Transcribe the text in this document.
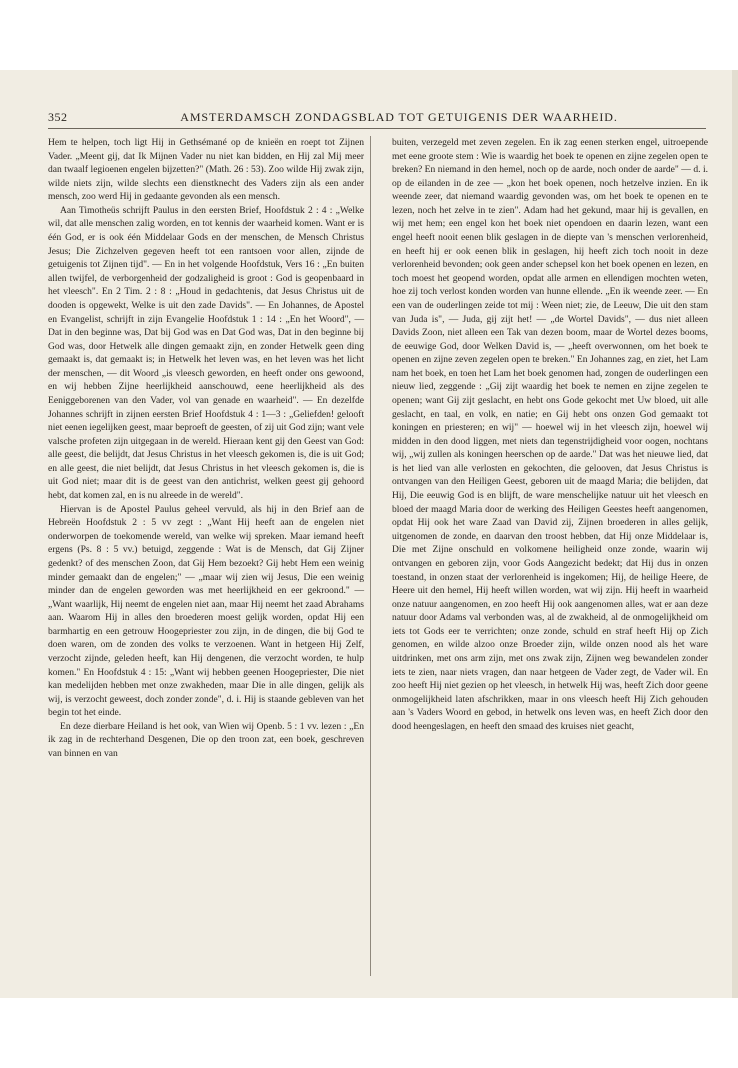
352	AMSTERDAMSCH ZONDAGSBLAD TOT GETUIGENIS DER WAARHEID.

Hem te helpen, toch ligt Hij in Gethsémané op de knieën en roept tot Zijnen Vader. „Meent gij, dat Ik Mijnen Vader nu niet kan bidden, en Hij zal Mij meer dan twaalf legioenen engelen bijzetten?" (Math. 26 : 53). Zoo wilde Hij zwak zijn, wilde niets zijn, wilde slechts een dienstknecht des Vaders zijn als een ander mensch, zoo werd Hij in gedaante gevonden als een mensch.

Aan Timotheüs schrijft Paulus in den eersten Brief, Hoofdstuk 2 : 4 : „Welke wil, dat alle menschen zalig worden, en tot kennis der waarheid komen. Want er is één God, er is ook één Middelaar Gods en der menschen, de Mensch Christus Jesus; Die Zichzelven gegeven heeft tot een rantsoen voor allen, zijnde de getuigenis tot Zijnen tijd". — En in het volgende Hoofdstuk, Vers 16 : „En buiten allen twijfel, de verborgenheid der godzaligheid is groot : God is geopenbaard in het vleesch". En 2 Tim. 2 : 8 : „Houd in gedachtenis, dat Jesus Christus uit de dooden is opgewekt, Welke is uit den zade Davids". — En Johannes, de Apostel en Evangelist, schrijft in zijn Evangelie Hoofdstuk 1 : 14 : „En het Woord", — Dat in den beginne was, Dat bij God was en Dat God was, Dat in den beginne bij God was, door Hetwelk alle dingen gemaakt zijn, en zonder Hetwelk geen ding gemaakt is, dat gemaakt is; in Hetwelk het leven was, en het leven was het licht der menschen, — dit Woord „is vleesch geworden, en heeft onder ons gewoond, en wij hebben Zijne heerlijkheid aanschouwd, eene heerlijkheid als des Eeniggeborenen van den Vader, vol van genade en waarheid". — En dezelfde Johannes schrijft in zijnen eersten Brief Hoofdstuk 4 : 1—3 : „Geliefden! gelooft niet eenen iegelijken geest, maar beproeft de geesten, of zij uit God zijn; want vele valsche profeten zijn uitgegaan in de wereld. Hieraan kent gij den Geest van God: alle geest, die belijdt, dat Jesus Christus in het vleesch gekomen is, die is uit God; en alle geest, die niet belijdt, dat Jesus Christus in het vleesch gekomen is, die is uit God niet; maar dit is de geest van den antichrist, welken geest gij gehoord hebt, dat komen zal, en is nu alreede in de wereld".

Hiervan is de Apostel Paulus geheel vervuld, als hij in den Brief aan de Hebreën Hoofdstuk 2 : 5 vv zegt : „Want Hij heeft aan de engelen niet onderworpen de toekomende wereld, van welke wij spreken. Maar iemand heeft ergens (Ps. 8 : 5 vv.) betuigd, zeggende : Wat is de Mensch, dat Gij Zijner gedenkt? of des menschen Zoon, dat Gij Hem bezoekt? Gij hebt Hem een weinig minder gemaakt dan de engelen;" — „maar wij zien wij Jesus, Die een weinig minder dan de engelen geworden was met heerlijkheid en eer gekroond." — „Want waarlijk, Hij neemt de engelen niet aan, maar Hij neemt het zaad Abrahams aan. Waarom Hij in alles den broederen moest gelijk worden, opdat Hij een barmhartig en een getrouw Hoogepriester zou zijn, in de dingen, die bij God te doen waren, om de zonden des volks te verzoenen. Want in hetgeen Hij Zelf, verzocht zijnde, geleden heeft, kan Hij dengenen, die verzocht worden, te hulp komen." En Hoofdstuk 4 : 15: „Want wij hebben geenen Hoogepriester, Die niet kan medelijden hebben met onze zwakheden, maar Die in alle dingen, gelijk als wij, is verzocht geweest, doch zonder zonde", d. i. Hij is staande gebleven van het begin tot het einde.

En deze dierbare Heiland is het ook, van Wien wij Openb. 5 : 1 vv. lezen : „En ik zag in de rechterhand Desgenen, Die op den troon zat, een boek, geschreven van binnen en van

buiten, verzegeld met zeven zegelen. En ik zag eenen sterken engel, uitroepende met eene groote stem : Wie is waardig het boek te openen en zijne zegelen open te breken? En niemand in den hemel, noch op de aarde, noch onder de aarde" — d. i. op de eilanden in de zee — „kon het boek openen, noch hetzelve inzien. En ik weende zeer, dat niemand waardig gevonden was, om het boek te openen en te lezen, noch het zelve in te zien". Adam had het gekund, maar hij is gevallen, en wij met hem; een engel kon het boek niet opendoen en daarin lezen, want een engel heeft nooit eenen blik geslagen in de diepte van 's menschen verlorenheid, en heeft hij er ook eenen blik in geslagen, hij heeft zich toch nooit in deze verlorenheid bevonden; ook geen ander schepsel kon het boek openen en lezen, en toch moest het geopend worden, opdat alle armen en ellendigen mochten weten, hoe zij toch verlost konden worden van hunne ellende. „En ik weende zeer. — En een van de ouderlingen zeide tot mij : Ween niet; zie, de Leeuw, Die uit den stam van Juda is", — Juda, gij zijt het! — „de Wortel Davids", — dus niet alleen Davids Zoon, niet alleen een Tak van dezen boom, maar de Wortel dezes booms, de eeuwige God, door Welken David is, — „heeft overwonnen, om het boek te openen en zijne zeven zegelen open te breken." En Johannes zag, en ziet, het Lam nam het boek, en toen het Lam het boek genomen had, zongen de ouderlingen een nieuw lied, zeggende : „Gij zijt waardig het boek te nemen en zijne zegelen te openen; want Gij zijt geslacht, en hebt ons Gode gekocht met Uw bloed, uit alle geslacht, en taal, en volk, en natie; en Gij hebt ons onzen God gemaakt tot koningen en priesteren; en wij" — hoewel wij in het vleesch zijn, hoewel wij midden in den dood liggen, met niets dan tegenstrijdigheid voor oogen, nochtans wij, „wij zullen als koningen heerschen op de aarde." Dat was het nieuwe lied, dat is het lied van alle verlosten en gekochten, die gelooven, dat Jesus Christus is ontvangen van den Heiligen Geest, geboren uit de maagd Maria; die belijden, dat Hij, Die eeuwig God is en blijft, de ware menschelijke natuur uit het vleesch en bloed der maagd Maria door de werking des Heiligen Geestes heeft aangenomen, opdat Hij ook het ware Zaad van David zij, Zijnen broederen in alles gelijk, uitgenomen de zonde, en daarvan den troost hebben, dat Hij onze Middelaar is, Die met Zijne onschuld en volkomene heiligheid onze zonde, waarin wij ontvangen en geboren zijn, voor Gods Aangezicht bedekt; dat Hij dus in onzen toestand, in onzen staat der verlorenheid is ingekomen; Hij, de heilige Heere, de Heere uit den hemel, Hij heeft willen worden, wat wij zijn. Hij heeft in waarheid onze natuur aangenomen, en zoo heeft Hij ook aangenomen alles, wat er aan deze natuur door Adams val verbonden was, al de zwakheid, al de onmogelijkheid om iets tot Gods eer te verrichten; onze zonde, schuld en straf heeft Hij op Zich genomen, en wilde alzoo onze Broeder zijn, wilde onzen nood als het ware uitdrinken, met ons arm zijn, met ons zwak zijn, Zijnen weg bewandelen zonder iets te zien, naar niets vragen, dan naar hetgeen de Vader zegt, de Vader wil. En zoo heeft Hij niet gezien op het vleesch, in hetwelk Hij was, heeft Zich door geene onmogelijkheid laten afschrikken, maar in ons vleesch heeft Hij Zich gehouden aan 's Vaders Woord en gebod, in hetwelk ons leven was, en heeft Zich door den dood heengeslagen, en heeft den smaad des kruises niet geacht,
